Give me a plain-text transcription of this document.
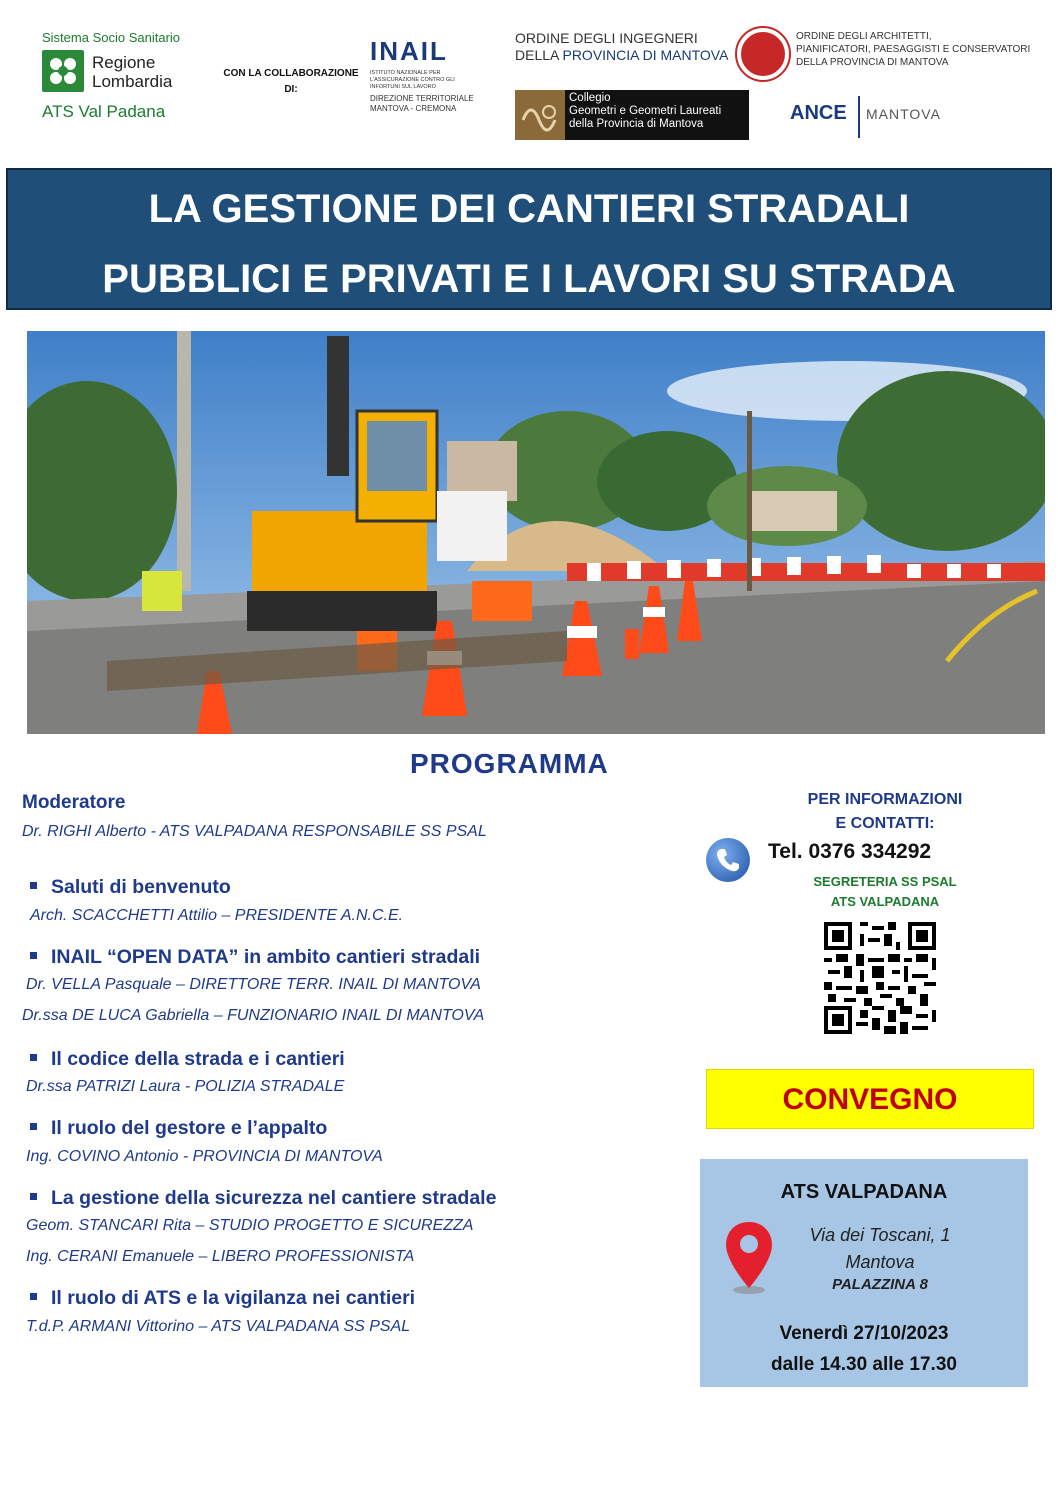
Sistema Socio Sanitario
Regione
Lombardia
ATS Val Padana
CON LA COLLABORAZIONE DI:
INAIL
ISTITUTO NAZIONALE PER L'ASSICURAZIONE CONTRO GLI INFORTUNI SUL LAVORO
DIREZIONE TERRITORIALE
MANTOVA - CREMONA
ORDINE DEGLI INGEGNERI
DELLA PROVINCIA DI MANTOVA
ORDINE DEGLI ARCHITETTI,
PIANIFICATORI, PAESAGGISTI E CONSERVATORI
DELLA PROVINCIA DI MANTOVA
Collegio
Geometri e Geometri Laureati
della Provincia di Mantova	ANCE MANTOVA
LA GESTIONE DEI CANTIERI STRADALI
PUBBLICI E PRIVATI E I LAVORI SU STRADA
PROGRAMMA
Moderatore
Dr. RIGHI Alberto - ATS VALPADANA RESPONSABILE SS PSAL
Saluti di benvenuto
Arch. SCACCHETTI Attilio – PRESIDENTE A.N.C.E.
INAIL “OPEN DATA” in ambito cantieri stradali
Dr. VELLA Pasquale – DIRETTORE TERR. INAIL DI MANTOVA
Dr.ssa DE LUCA Gabriella – FUNZIONARIO INAIL DI MANTOVA
Il codice della strada e i cantieri
Dr.ssa PATRIZI Laura - POLIZIA STRADALE
Il ruolo del gestore e l’appalto
Ing. COVINO Antonio - PROVINCIA DI MANTOVA
La gestione della sicurezza nel cantiere stradale
Geom. STANCARI Rita – STUDIO PROGETTO E SICUREZZA
Ing. CERANI Emanuele – LIBERO PROFESSIONISTA
Il ruolo di ATS e la vigilanza nei cantieri
T.d.P. ARMANI Vittorino – ATS VALPADANA SS PSAL
PER INFORMAZIONI
E CONTATTI:
Tel. 0376 334292
SEGRETERIA SS PSAL
ATS VALPADANA
CONVEGNO
ATS VALPADANA
Via dei Toscani, 1
Mantova
PALAZZINA 8
Venerdì 27/10/2023
dalle 14.30 alle 17.30
